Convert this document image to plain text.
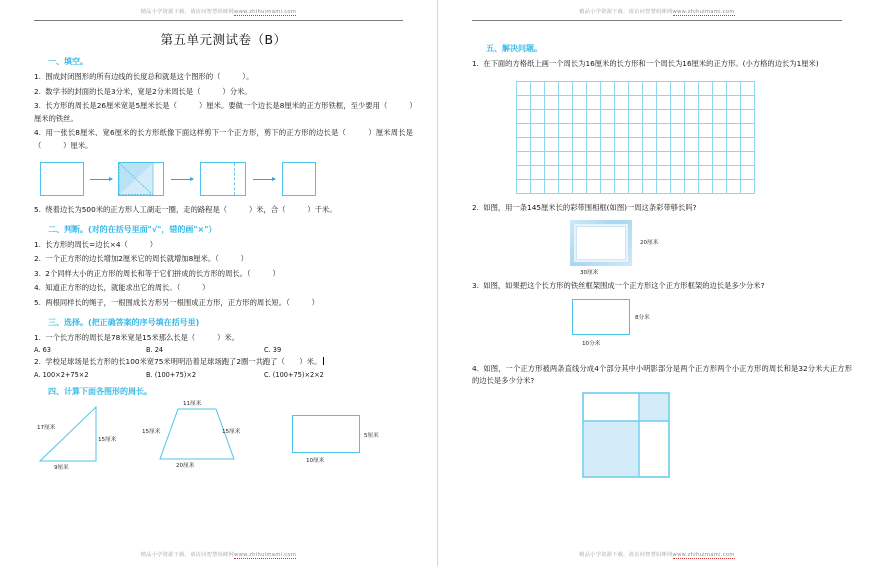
精品小学资源下载，请访问智慧妈咪网www.zhihuimami.com
第五单元测试卷（B）
一、填空。
1. 围成封闭图形的所有边线的长度总和就是这个图形的（　　　）。
2. 数学书的封面的长是3分米，宽是2分米周长是（　　　）分米。
3. 长方形的周长是26厘米宽是5厘米长是（　　　）厘米。要做一个边长是8厘米的正方形铁框，至少要用（　　　）厘米的铁丝。
4. 用一张长8厘米、宽6厘米的长方形纸像下面这样剪下一个正方形，剪下的正方形的边长是（　　　）厘米周长是（　　　）厘米。
5. 绕着边长为500米的正方形人工湖走一圈，走的路程是（　　　）米，合（　　　）千米。
二、判断。(对的在括号里面"√"，错的画"×"）
1. 长方形的周长=边长×4（　　　）
2. 一个正方形的边长增加2厘米它的周长就增加8厘米。（　　　）
3. 2个同样大小的正方形的周长和等于它们拼成的长方形的周长。（　　　）
4. 知道正方形的边长，就能求出它的周长。（　　　）
5. 两根同样长的绳子，一根围成长方形另一根围成正方形，正方形的周长短。（　　　）
三、选择。(把正确答案的序号填在括号里)
1. 一个长方形的周长是78米宽是15米那么长是（　　　）米。
A. 63	B. 24	C. 39
2. 学校足球场是长方形的长100米宽75米明明沿着足球场跑了2圈一共跑了（　　）米。
A. 100×2+75×2	B. (100+75)×2	C. (100+75)×2×2
四、计算下面各图形的周长。
17厘米
15厘米
9厘米
11厘米
15厘米	15厘米
20厘米
5厘米
10厘米
精品小学资源下载，请访问智慧妈咪网www.zhihuimami.com
精品小学资源下载，请访问智慧妈咪网www.zhihuimami.com
五、解决问题。
1. 在下面的方格纸上画一个周长为16厘米的长方形和一个周长为16厘米的正方形。(小方格的边长为1厘米)
2. 如图，用一条145厘米长的彩带围相框(如图)一周这条彩带够长吗?
20厘米
30厘米
3. 如图，如果把这个长方形的铁丝框架围成一个正方形这个正方形框架的边长是多少分米?
8分米
10分米
4. 如图，一个正方形被两条直线分成4个部分其中小明影部分是两个正方形两个小正方形的周长和是32分米大正方形的边长是多少分米?
精品小学资源下载，请访问智慧妈咪网www.zhihuimami.com
